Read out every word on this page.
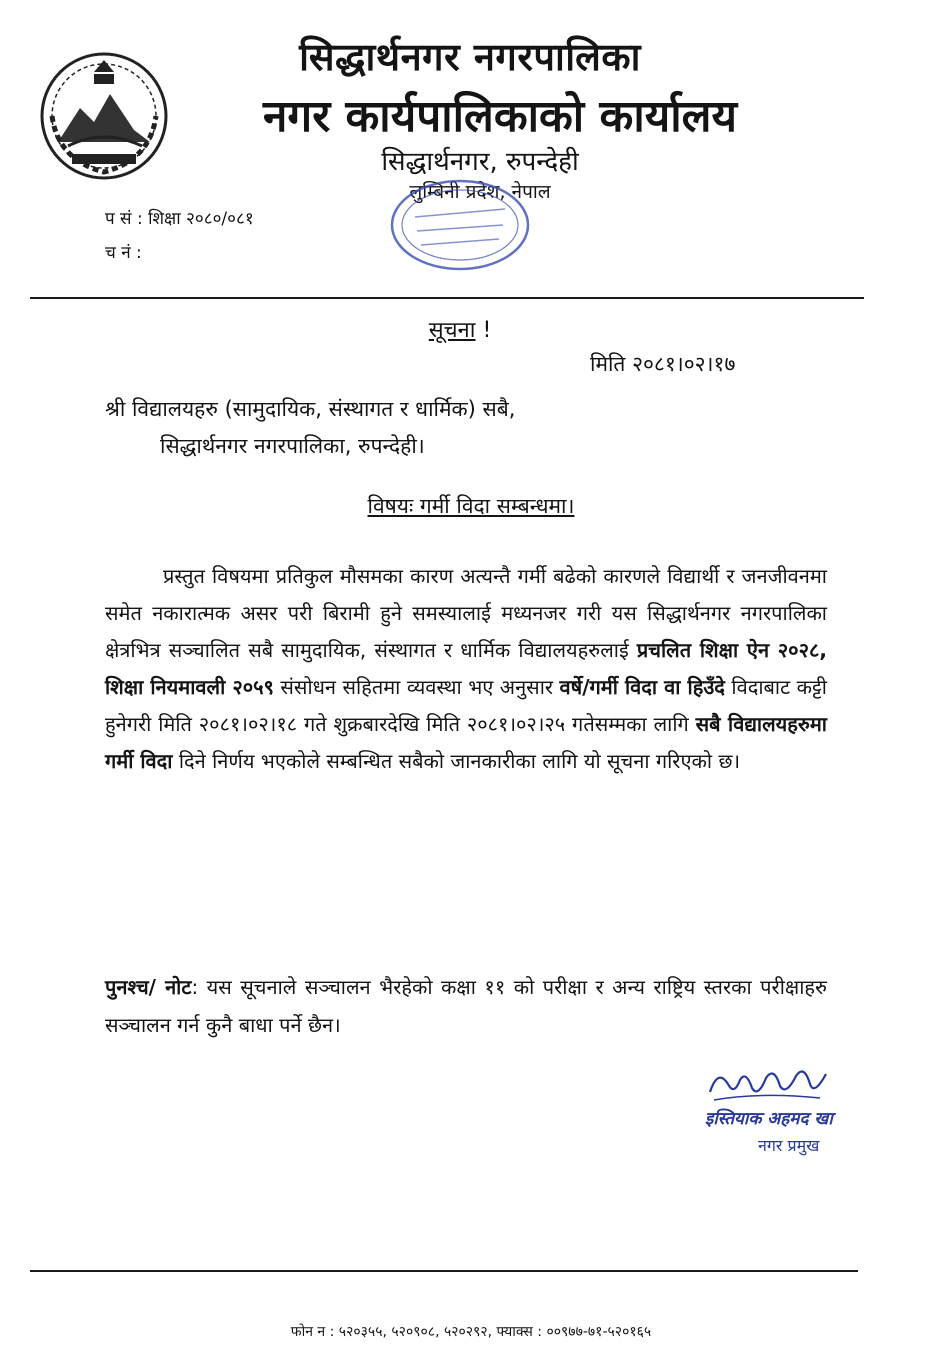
सिद्धार्थनगर नगरपालिका
नगर कार्यपालिकाको कार्यालय
सिद्धार्थनगर, रुपन्देही
लुम्बिनी प्रदेश, नेपाल
प सं : शिक्षा २०८०/०८१
च नं :
सूचना !
मिति २०८१।०२।१७
श्री विद्यालयहरु (सामुदायिक, संस्थागत र धार्मिक) सबै,
सिद्धार्थनगर नगरपालिका, रुपन्देही।
विषयः गर्मी विदा सम्बन्धमा।
प्रस्तुत विषयमा प्रतिकुल मौसमका कारण अत्यन्तै गर्मी बढेको कारणले विद्यार्थी र जनजीवनमा समेत नकारात्मक असर परी बिरामी हुने समस्यालाई मध्यनजर गरी यस सिद्धार्थनगर नगरपालिका क्षेत्रभित्र सञ्चालित सबै सामुदायिक, संस्थागत र धार्मिक विद्यालयहरुलाई प्रचलित शिक्षा ऐन २०२८, शिक्षा नियमावली २०५९ संसोधन सहितमा व्यवस्था भए अनुसार वर्षे/गर्मी विदा वा हिउँदे विदाबाट कट्टी हुनेगरी मिति २०८१।०२।१८ गते शुक्रबारदेखि मिति २०८१।०२।२५ गतेसम्मका लागि सबै विद्यालयहरुमा गर्मी विदा दिने निर्णय भएकोले सम्बन्धित सबैको जानकारीका लागि यो सूचना गरिएको छ।
पुनश्च/ नोट: यस सूचनाले सञ्चालन भैरहेको कक्षा ११ को परीक्षा र अन्य राष्ट्रिय स्तरका परीक्षाहरु सञ्चालन गर्न कुनै बाधा पर्ने छैन।
इस्तियाक अहमद खा
नगर प्रमुख
फोन न : ५२०३५५, ५२०९०८, ५२०२९२, फ्याक्स : ००९७७-७१-५२०१६५
